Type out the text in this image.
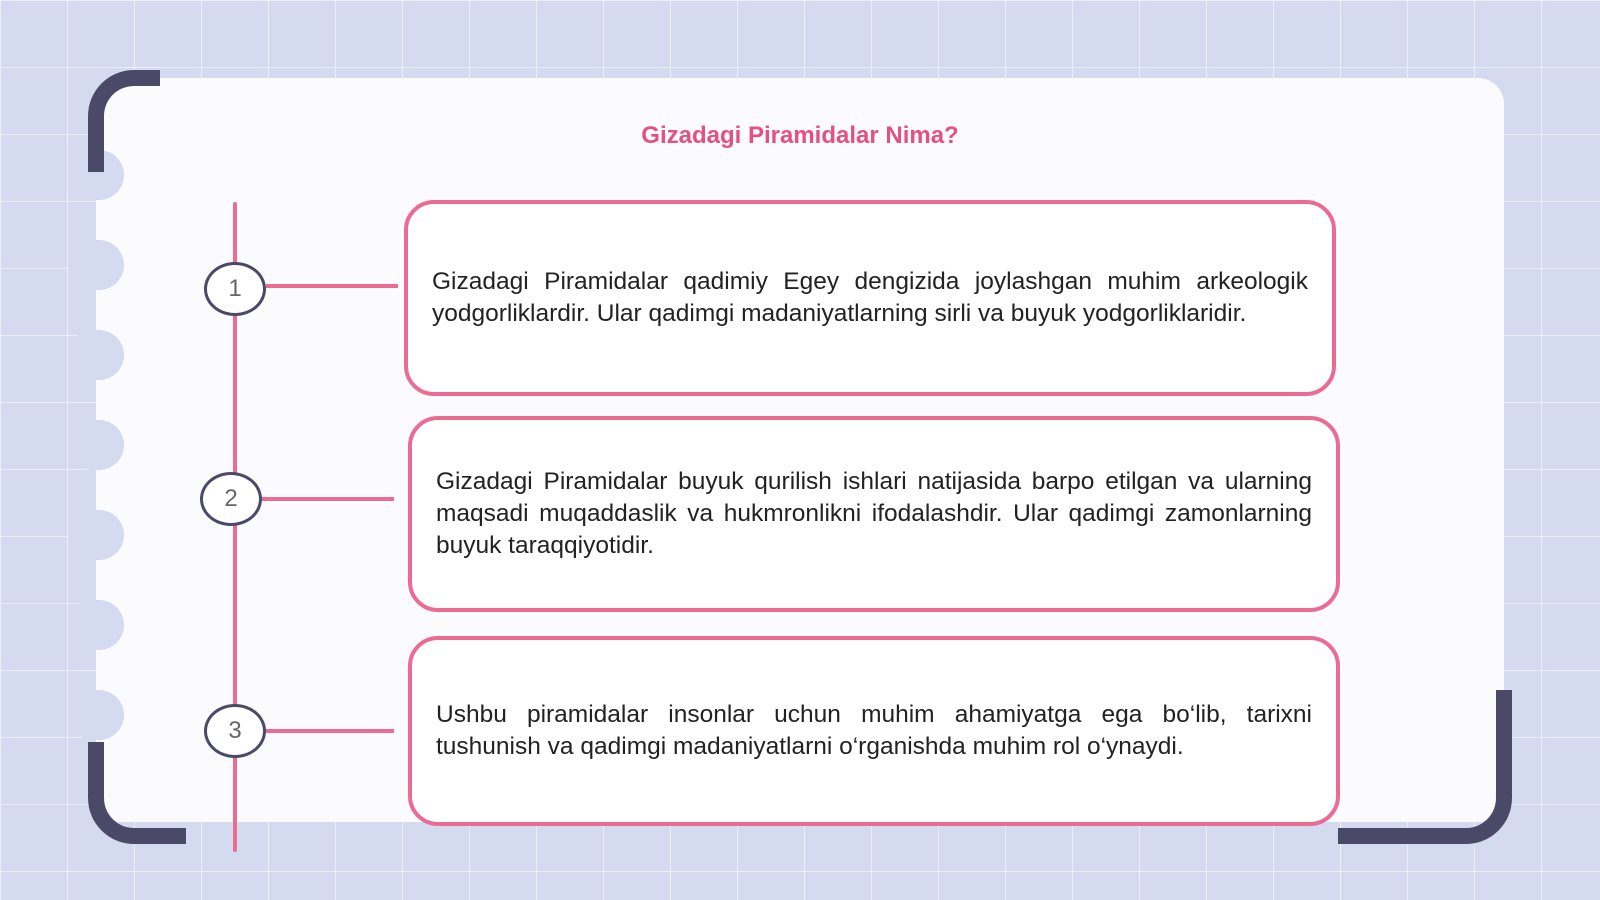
Gizadagi Piramidalar Nima?
1	Gizadagi Piramidalar qadimiy Egey dengizida joylashgan muhim arkeologik yodgorliklardir. Ular qadimgi madaniyatlarning sirli va buyuk yodgorliklaridir.

2

Gizadagi Piramidalar buyuk qurilish ishlari natijasida barpo etilgan va ularning maqsadi muqaddaslik va hukmronlikni ifodalashdir. Ular qadimgi zamonlarning buyuk taraqqiyotidir.

3

Ushbu piramidalar insonlar uchun muhim ahamiyatga ega bo‘lib, tarixni tushunish va qadimgi madaniyatlarni o‘rganishda muhim rol o‘ynaydi.
